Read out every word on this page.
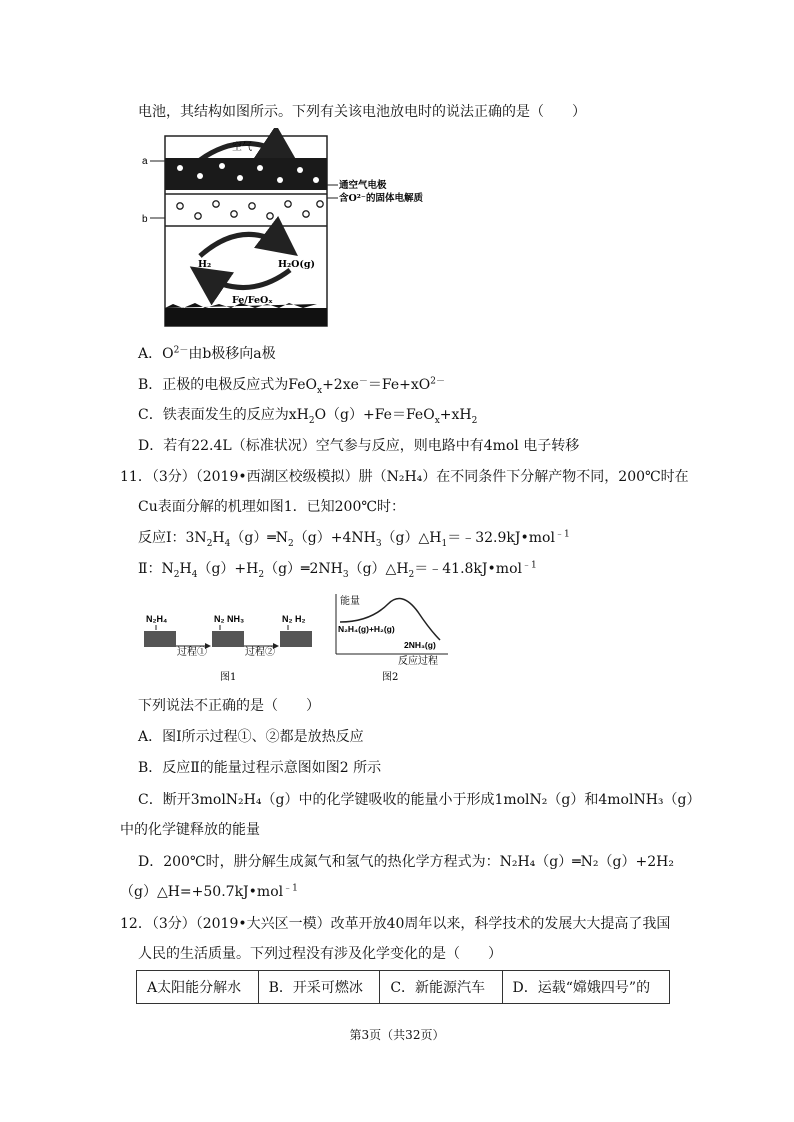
电池，其结构如图所示。下列有关该电池放电时的说法正确的是（　　）
a
b
空气
通空气电极
含O²⁻的固体电解质
H₂	H₂O(g)
Fe/FeOₓ
A．$O^{2-}$由b极移向a极
B．正极的电极反应式为$FeO_x+2xe^-=Fe+xO^{2-}$
C．铁表面发生的反应为$xH_2O(g)+Fe=FeO_x+xH_2$
D．若有22.4L（标准状况）空气参与反应，则电路中有4mol 电子转移
11．（3分）（2019•西湖区校级模拟）肼（N₂H₄）在不同条件下分解产物不同，200℃时在
Cu表面分解的机理如图1．已知200℃时：
反应Ⅰ：$3N_2H_4(g)═N_2(g)+4NH_3(g)\triangle H_1=﹣32.9kJ•mol^{﹣1}$
Ⅱ：$N_2H_4(g)+H_2(g)═2NH_3(g)\triangle H_2=﹣41.8kJ•mol^{﹣1}$
N₂H₄	N₂ NH₃	N₂ H₂
过程①	过程②
图1
能量
N₂H₄(g)+H₂(g)
2NH₃(g)
反应过程
图2
下列说法不正确的是（　　）
A．图Ⅰ所示过程①、②都是放热反应
B．反应Ⅱ的能量过程示意图如图2 所示
C．断开3molN₂H₄（g）中的化学键吸收的能量小于形成1molN₂（g）和4molNH₃（g）
中的化学键释放的能量
D．200℃时，肼分解生成氮气和氢气的热化学方程式为：N₂H₄（g）═N₂（g）+2H₂
（g）△H=+50.7kJ•mol$^{﹣1}$
12．（3分）（2019•大兴区一模）改革开放40周年以来，科学技术的发展大大提高了我国
人民的生活质量。下列过程没有涉及化学变化的是（　　）
A太阳能分解水	B．开采可燃冰	C．新能源汽车	D．运载“嫦娥四号”的
第3页（共32页）
